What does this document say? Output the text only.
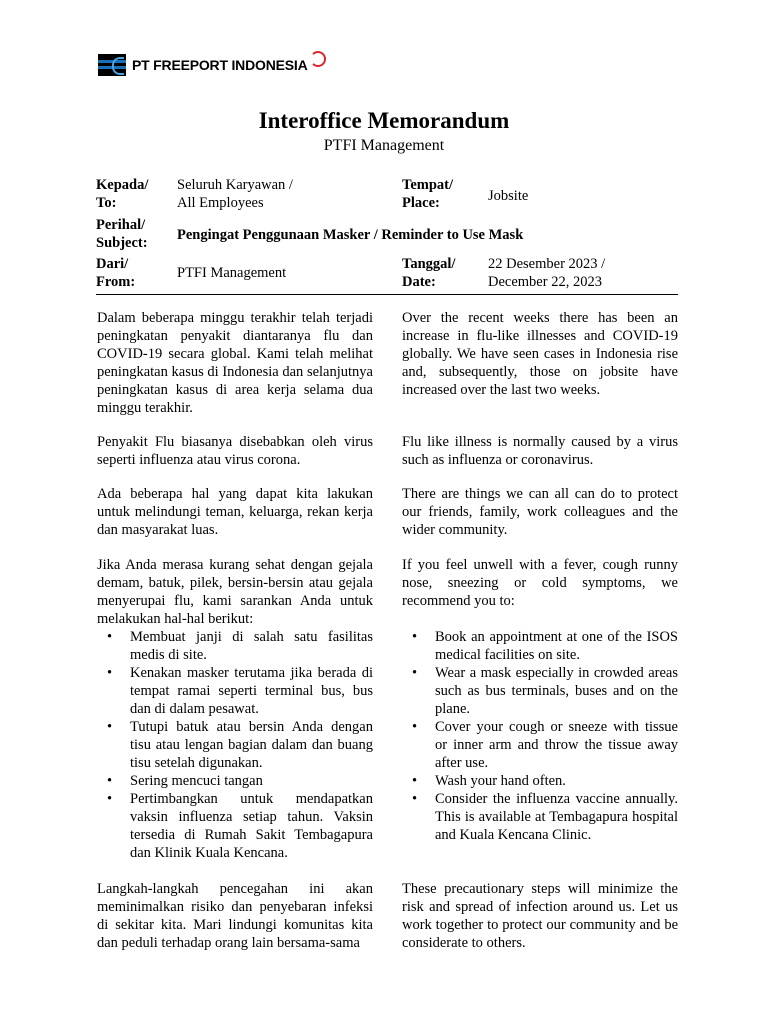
PT FREEPORT INDONESIA
Interoffice Memorandum
PTFI Management
Kepada/
To:
Seluruh Karyawan /
All Employees
Tempat/
Place:	Jobsite
Perihal/
Subject: Pengingat Penggunaan Masker / Reminder to Use Mask
Dari/
From:
PTFI Management
Tanggal/
Date:
22 Desember 2023 /
December 22, 2023
Dalam beberapa minggu terakhir telah terjadi peningkatan penyakit diantaranya flu dan COVID-19 secara global. Kami telah melihat peningkatan kasus di Indonesia dan selanjutnya peningkatan kasus di area kerja selama dua minggu terakhir.
Penyakit Flu biasanya disebabkan oleh virus seperti influenza atau virus corona.
Ada beberapa hal yang dapat kita lakukan untuk melindungi teman, keluarga, rekan kerja dan masyarakat luas.
Jika Anda merasa kurang sehat dengan gejala demam, batuk, pilek, bersin-bersin atau gejala menyerupai flu, kami sarankan Anda untuk melakukan hal-hal berikut:
• Membuat janji di salah satu fasilitas medis di site.
• Kenakan masker terutama jika berada di tempat ramai seperti terminal bus, bus dan di dalam pesawat.
• Tutupi batuk atau bersin Anda dengan tisu atau lengan bagian dalam dan buang tisu setelah digunakan.
• Sering mencuci tangan
• Pertimbangkan untuk mendapatkan vaksin influenza setiap tahun. Vaksin tersedia di Rumah Sakit Tembagapura dan Klinik Kuala Kencana.
Langkah-langkah pencegahan ini akan meminimalkan risiko dan penyebaran infeksi di sekitar kita. Mari lindungi komunitas kita dan peduli terhadap orang lain bersama-sama
Over the recent weeks there has been an increase in flu-like illnesses and COVID-19 globally. We have seen cases in Indonesia rise and, subsequently, those on jobsite have increased over the last two weeks.
Flu like illness is normally caused by a virus such as influenza or coronavirus.
There are things we can all can do to protect our friends, family, work colleagues and the wider community.
If you feel unwell with a fever, cough runny nose, sneezing or cold symptoms, we recommend you to:
• Book an appointment at one of the ISOS medical facilities on site.
• Wear a mask especially in crowded areas such as bus terminals, buses and on the plane.
• Cover your cough or sneeze with tissue or inner arm and throw the tissue away after use.
• Wash your hand often.
• Consider the influenza vaccine annually. This is available at Tembagapura hospital and Kuala Kencana Clinic.
These precautionary steps will minimize the risk and spread of infection around us. Let us work together to protect our community and be considerate to others.
